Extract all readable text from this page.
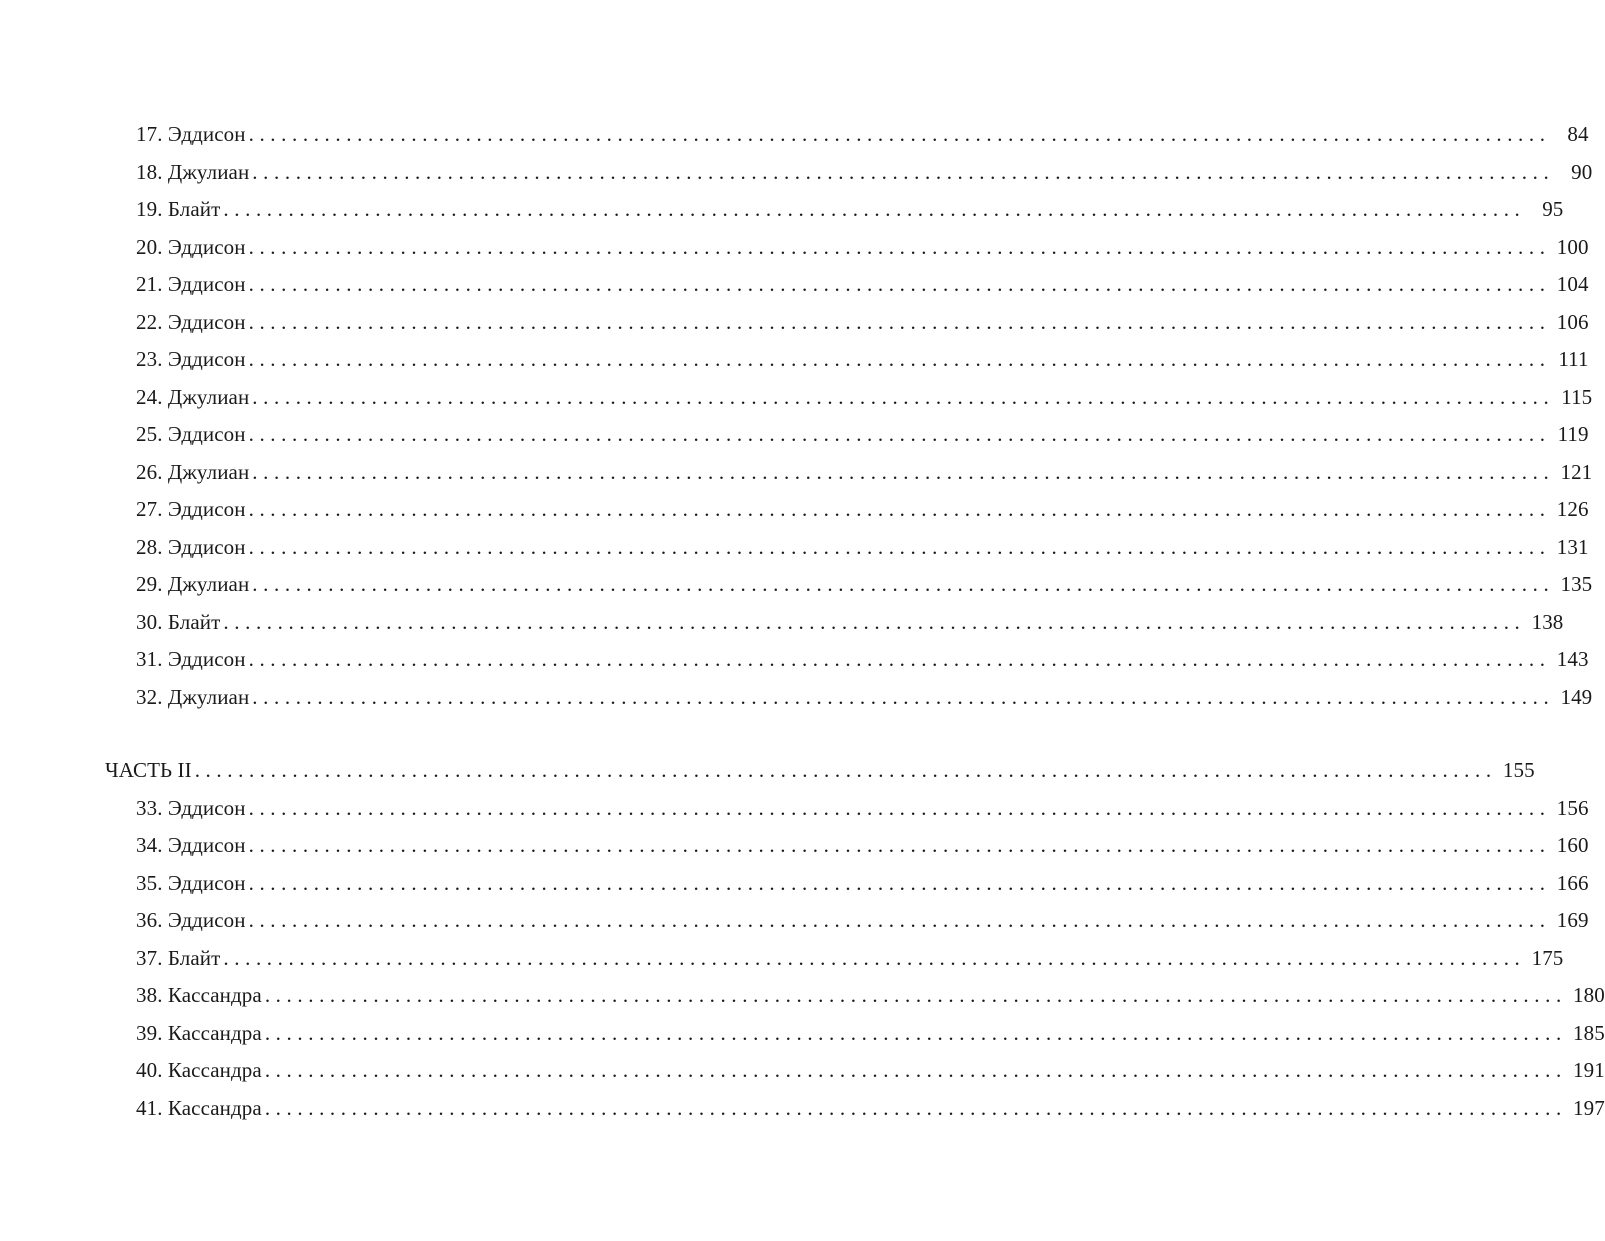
17. Эддисон ........................................................................................................................ 84
18. Джулиан ........................................................................................................................ 90
19. Блайт ........................................................................................................................ 95
20. Эддисон ........................................................................................................................ 100
21. Эддисон ........................................................................................................................ 104
22. Эддисон ........................................................................................................................ 106
23. Эддисон ........................................................................................................................ 111
24. Джулиан ........................................................................................................................ 115
25. Эддисон ........................................................................................................................ 119
26. Джулиан ........................................................................................................................ 121
27. Эддисон ........................................................................................................................ 126
28. Эддисон ........................................................................................................................ 131
29. Джулиан ........................................................................................................................ 135
30. Блайт ........................................................................................................................ 138
31. Эддисон ........................................................................................................................ 143
32. Джулиан ........................................................................................................................ 149
ЧАСТЬ II ........................................................................................................................ 155
33. Эддисон ........................................................................................................................ 156
34. Эддисон ........................................................................................................................ 160
35. Эддисон ........................................................................................................................ 166
36. Эддисон ........................................................................................................................ 169
37. Блайт ........................................................................................................................ 175
38. Кассандра ........................................................................................................................ 180
39. Кассандра ........................................................................................................................ 185
40. Кассандра ........................................................................................................................ 191
41. Кассандра ........................................................................................................................ 197
